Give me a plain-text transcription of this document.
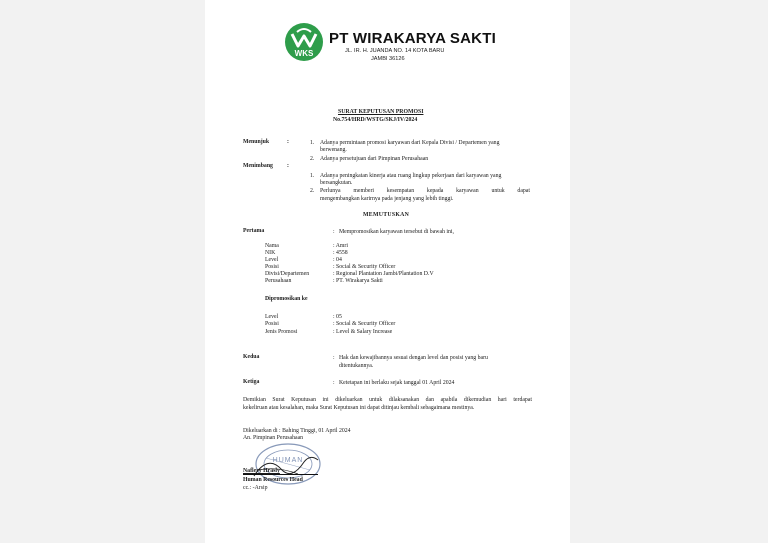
WKS
PT WIRAKARYA SAKTI
JL. IR. H. JUANDA NO. 14 KOTA BARU
JAMBI 36126
SURAT KEPUTUSAN PROMOSI
No.754/HRD/WSTG/SKJ/IV/2024
Menunjuk	:	1. Adanya permintaan promosi karyawan dari Kepala Divisi / Departemen yang
berwenang.
2. Adanya persetujuan dari Pimpinan Perusahaan
Menimbang :
1. Adanya peningkatan kinerja atau ruang lingkup pekerjaan dari karyawan yang
bersangkutan.
2. Perlunya memberi kesempatan kepada karyawan untuk dapat
mengembangkan karirnya pada jenjang yang lebih tinggi.
MEMUTUSKAN
Pertama	: Mempromosikan karyawan tersebut di bawah ini,
Nama	: Amri
NIK	: 4558
Level	: 04
Posisi	: Social & Security Officer
Divisi/Departemen	: Regional Plantation Jambi/Plantation D.V
Perusahaan	: PT. Wirakarya Sakti
Dipromosikan ke
Level	: 05
Posisi	: Social & Security Officer
Jenis Promosi	: Level & Salary Increase
Kedua	: Hak dan kewajibannya sesuai dengan level dan posisi yang baru
ditentukannya.
Ketiga	: Ketetapan ini berlaku sejak tanggal 01 April 2024
Demikian Surat Keputusan ini dikeluarkan untuk dilaksanakan dan apabila dikemudian hari terdapat
kekeliruan atau kesalahan, maka Surat Keputusan ini dapat ditinjau kembali sebagaimana mestinya.
Dikeluarkan di : Bahing Tinggi, 01 April 2024
An. Pimpinan Perusahaan
HUMAN
Naflery Hrasly
Human Resources Head
cc.: -Arsip
